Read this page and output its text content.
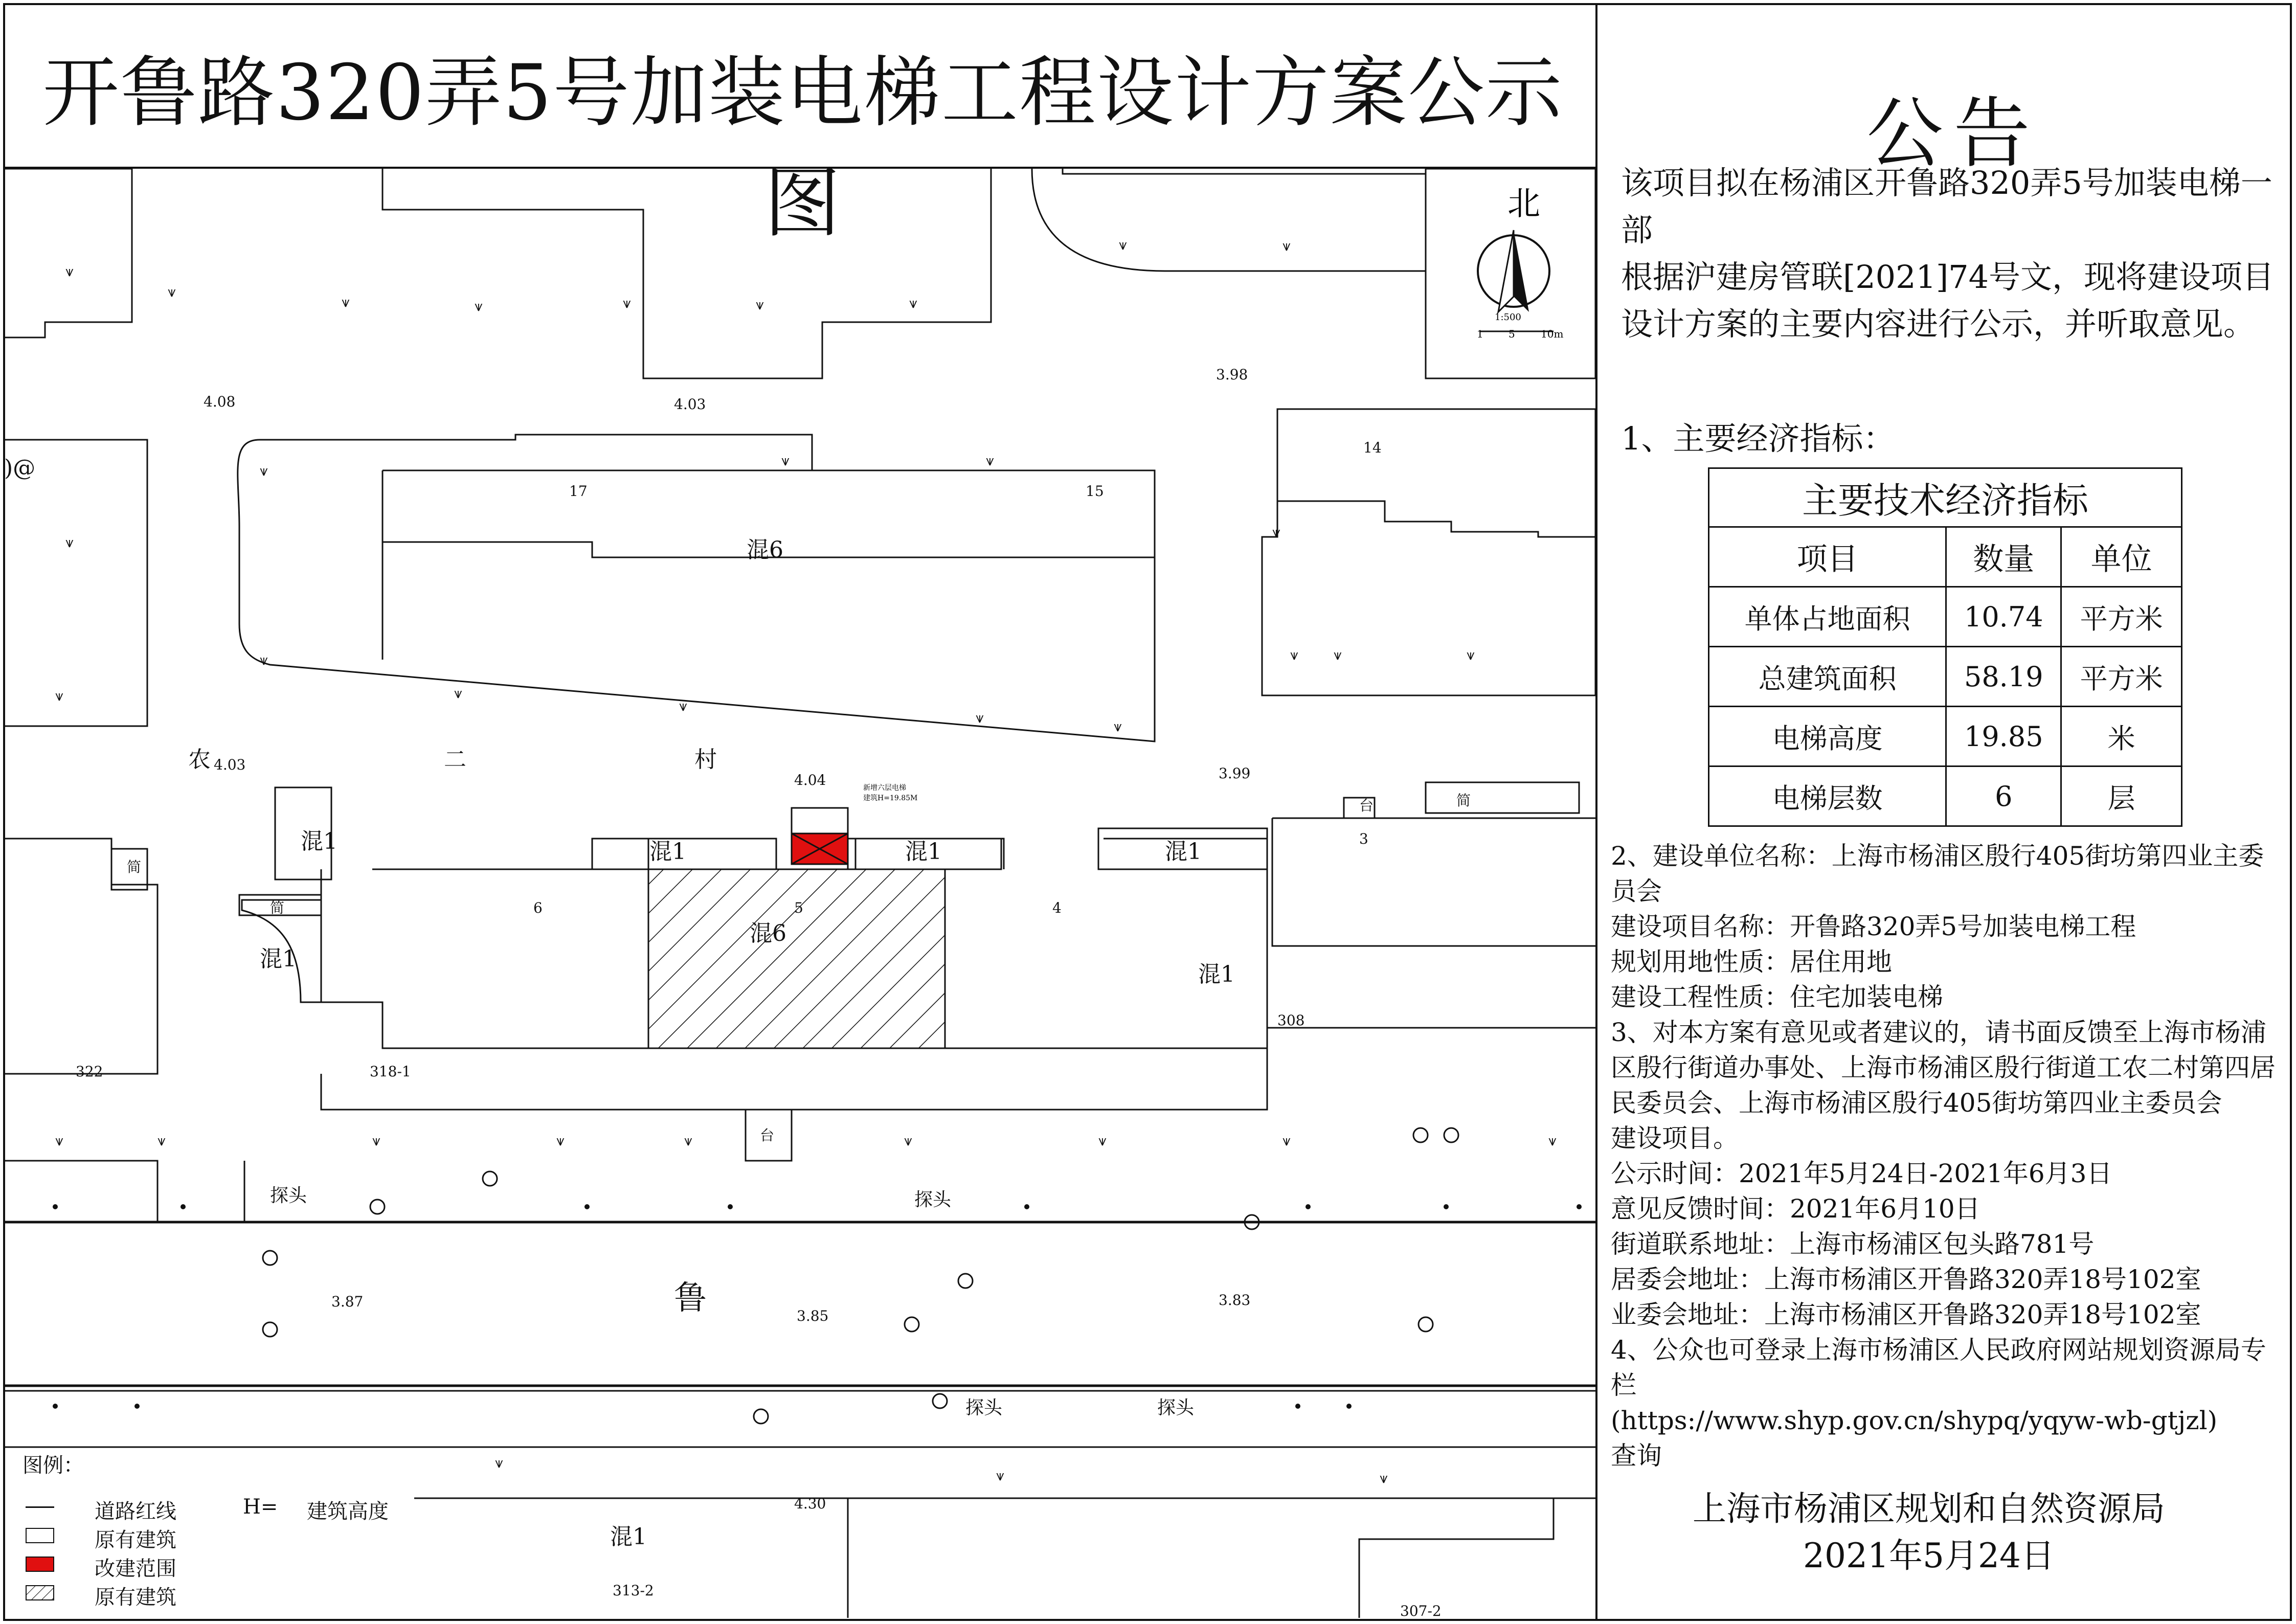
开鲁路320弄5号加装电梯工程设计方案公示图
新增六层电梯
建筑H=19.85M
北
1:500
1 5	10m
混6
混6
混1
混1
混1	混1	混1
混1
混1
农	二	村
鲁
)@
17	15
14
6	5	4
3
322	318-1
308
313-2
307-2
4.08	4.03
3.98
4.03
4.04	3.99
3.87
3.85
3.83
4.30
探头	探头
探头	探头
简
简
简
台
台
⩛
⩛
⩛	⩛	⩛	⩛	⩛
⩛	⩛
⩛
⩛	⩛
⩛
⩛
⩛
⩛
⩛
⩛
⩛
⩛	⩛
⩛
⩛
⩛	⩛	⩛	⩛	⩛	⩛	⩛	⩛	⩛
⩛
⩛	⩛
图例：
道路红线	H= 建筑高度
原有建筑
改建范围
原有建筑
公告

该项目拟在杨浦区开鲁路320弄5号加装电梯一部

根据沪建房管联[2021]74号文，现将建设项目设计方案的主要内容进行公示，并听取意见。

1、主要经济指标：
主要技术经济指标		
项目	数量	单位
单体占地面积	10.74	平方米
总建筑面积	58.19	平方米
电梯高度	19.85	米
电梯层数	6	层

2、建设单位名称：上海市杨浦区殷行405街坊第四业主委员会

建设项目名称：开鲁路320弄5号加装电梯工程

规划用地性质：居住用地

建设工程性质：住宅加装电梯

3、对本方案有意见或者建议的，请书面反馈至上海市杨浦区殷行街道办事处、上海市杨浦区殷行街道工农二村第四居民委员会、上海市杨浦区殷行405街坊第四业主委员会

建设项目。

公示时间：2021年5月24日-2021年6月3日

意见反馈时间：2021年6月10日

街道联系地址：上海市杨浦区包头路781号

居委会地址：上海市杨浦区开鲁路320弄18号102室

业委会地址：上海市杨浦区开鲁路320弄18号102室

4、公众也可登录上海市杨浦区人民政府网站规划资源局专栏

(https://www.shyp.gov.cn/shypq/yqyw-wb-gtjzl)

查询

上海市杨浦区规划和自然资源局
2021年5月24日
